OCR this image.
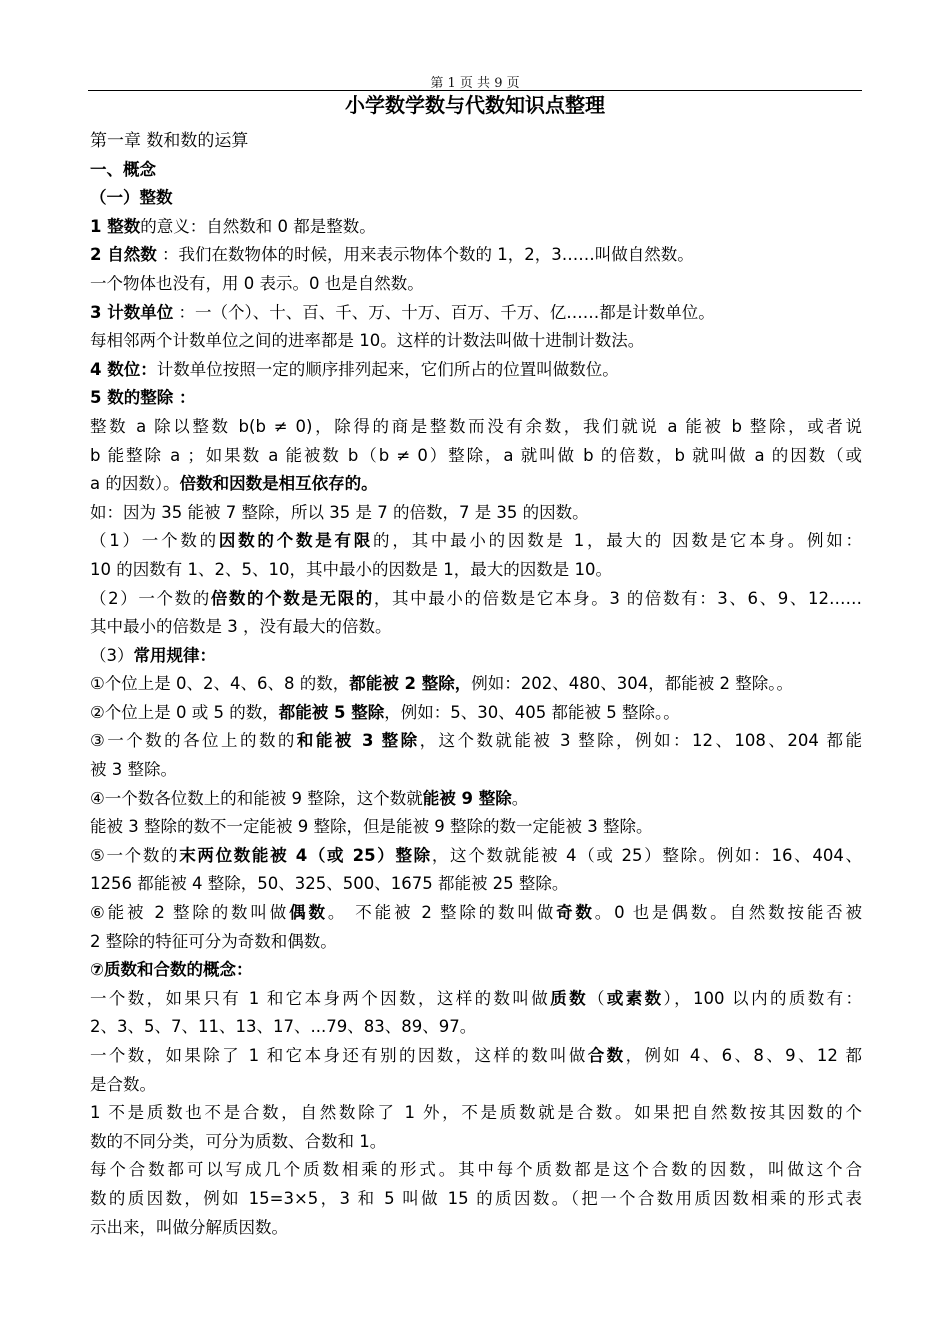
第 1 页 共 9 页
小学数学数与代数知识点整理
第一章 数和数的运算
一、概念
（一）整数
1 整数的意义：自然数和 0 都是整数。
2 自然数 ：我们在数物体的时候，用来表示物体个数的 1，2，3……叫做自然数。
一个物体也没有，用 0 表示。0 也是自然数。
3 计数单位 ：一（个）、十、百、千、万、十万、百万、千万、亿……都是计数单位。
每相邻两个计数单位之间的进率都是 10。这样的计数法叫做十进制计数法。
4 数位：计数单位按照一定的顺序排列起来，它们所占的位置叫做数位。
5 数的整除 ：
整数 a 除以整数 b(b ≠ 0)，除得的商是整数而没有余数，我们就说 a 能被 b 整除，或者说
b 能整除 a ；如果数 a 能被数 b（b ≠ 0）整除，a 就叫做 b 的倍数，b 就叫做 a 的因数（或
a 的因数）。倍数和因数是相互依存的。
如：因为 35 能被 7 整除，所以 35 是 7 的倍数，7 是 35 的因数。
（1）一个数的因数的个数是有限的，其中最小的因数是 1，最大的 因数是它本身。例如：
10 的因数有 1、2、5、10，其中最小的因数是 1，最大的因数是 10。
（2）一个数的倍数的个数是无限的，其中最小的倍数是它本身。3 的倍数有：3、6、9、12……
其中最小的倍数是 3 ，没有最大的倍数。
（3）常用规律：
①个位上是 0、2、4、6、8 的数，都能被 2 整除，例如：202、480、304，都能被 2 整除。。
②个位上是 0 或 5 的数，都能被 5 整除，例如：5、30、405 都能被 5 整除。。
③一个数的各位上的数的和能被 3 整除，这个数就能被 3 整除，例如：12、108、204 都能
被 3 整除。
④一个数各位数上的和能被 9 整除，这个数就能被 9 整除。
能被 3 整除的数不一定能被 9 整除，但是能被 9 整除的数一定能被 3 整除。
⑤一个数的末两位数能被 4（或 25）整除，这个数就能被 4（或 25）整除。例如：16、404、
1256 都能被 4 整除，50、325、500、1675 都能被 25 整除。
⑥能被 2 整除的数叫做偶数。 不能被 2 整除的数叫做奇数。0 也是偶数。自然数按能否被
2 整除的特征可分为奇数和偶数。
⑦质数和合数的概念：
一个数，如果只有 1 和它本身两个因数，这样的数叫做质数（或素数），100 以内的质数有：
2、3、5、7、11、13、17、...79、83、89、97。
一个数，如果除了 1 和它本身还有别的因数，这样的数叫做合数，例如 4、6、8、9、12 都
是合数。
1 不是质数也不是合数，自然数除了 1 外，不是质数就是合数。如果把自然数按其因数的个
数的不同分类，可分为质数、合数和 1。
每个合数都可以写成几个质数相乘的形式。其中每个质数都是这个合数的因数，叫做这个合
数的质因数，例如 15=3×5，3 和 5 叫做 15 的质因数。（把一个合数用质因数相乘的形式表
示出来，叫做分解质因数。
